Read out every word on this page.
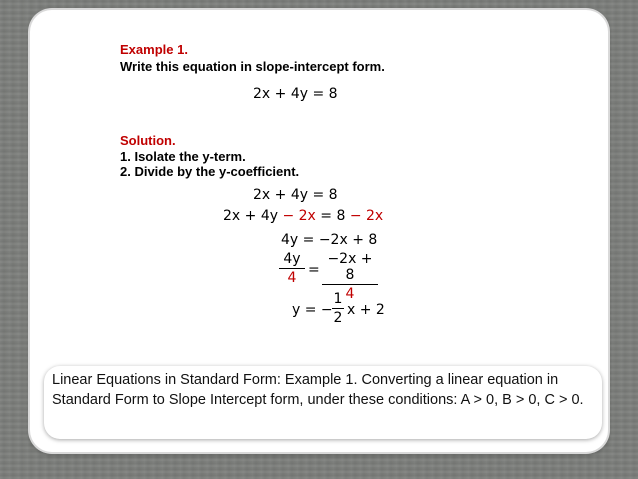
Example 1.
Write this equation in slope-intercept form.
2x + 4y = 8
Solution.
1. Isolate the y-term.
2. Divide by the y-coefficient.
2x + 4y = 8
2x + 4y − 2x = 8 − 2x
4y = −2x + 8
4y
4 =
−2x + 8
4
y = −
1
2 x + 2
Linear Equations in Standard Form: Example 1. Converting a linear equation in Standard Form to Slope Intercept form, under these conditions: A > 0, B > 0, C > 0.
